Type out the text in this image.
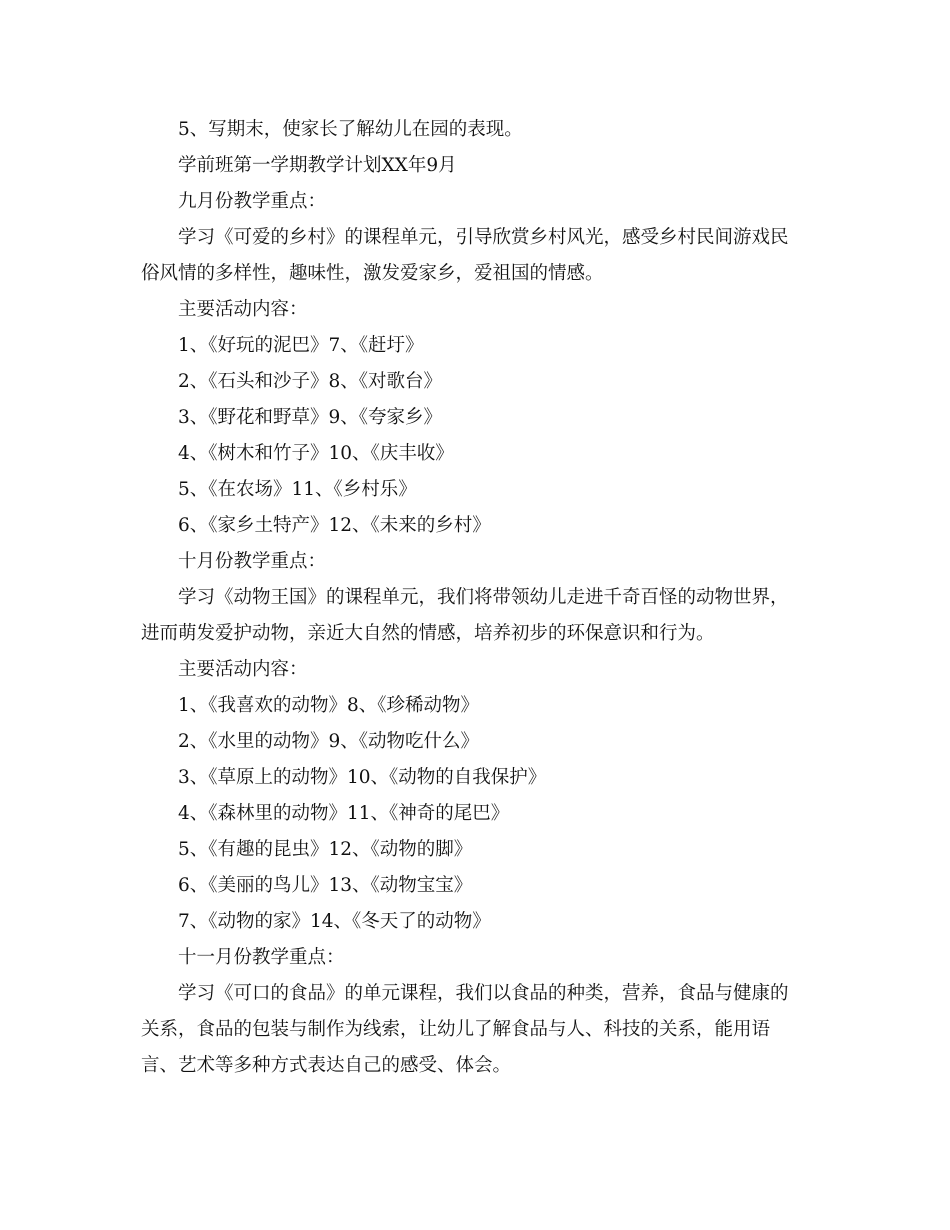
5、写期末，使家长了解幼儿在园的表现。

学前班第一学期教学计划XX年9月

九月份教学重点：

学习《可爱的乡村》的课程单元，引导欣赏乡村风光，感受乡村民间游戏民俗风情的多样性，趣味性，激发爱家乡，爱祖国的情感。

主要活动内容：

1、《好玩的泥巴》7、《赶圩》

2、《石头和沙子》8、《对歌台》

3、《野花和野草》9、《夸家乡》

4、《树木和竹子》10、《庆丰收》

5、《在农场》11、《乡村乐》

6、《家乡土特产》12、《未来的乡村》

十月份教学重点：

学习《动物王国》的课程单元，我们将带领幼儿走进千奇百怪的动物世界，进而萌发爱护动物，亲近大自然的情感，培养初步的环保意识和行为。

主要活动内容：

1、《我喜欢的动物》8、《珍稀动物》

2、《水里的动物》9、《动物吃什么》

3、《草原上的动物》10、《动物的自我保护》

4、《森林里的动物》11、《神奇的尾巴》

5、《有趣的昆虫》12、《动物的脚》

6、《美丽的鸟儿》13、《动物宝宝》

7、《动物的家》14、《冬天了的动物》

十一月份教学重点：

学习《可口的食品》的单元课程，我们以食品的种类，营养，食品与健康的关系，食品的包装与制作为线索，让幼儿了解食品与人、科技的关系，能用语言、艺术等多种方式表达自己的感受、体会。
